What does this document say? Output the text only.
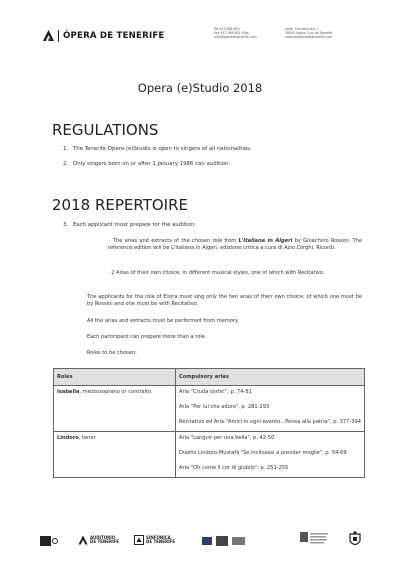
ÓPERA DE TENERIFE
Tel 922 568 600
Fax 922 568 602 (Fax)
info@operadetenerife.com
Avda. Constitución, 1
38003 Santa Cruz de Tenerife
www.auditoriodetenerife.com
Opera (e)Studio 2018
REGULATIONS
1. The Tenerife Opera (e)Studio is open to singers of all nationalities.
2. Only singers born on or after 1 January 1986 can audition.
2018 REPERTOIRE
3. Each applicant must prepare for the audition:
· The arias and extracts of the chosen role from L'Italiana in Algeri by Gioachino Rossini. The reference edition will be L'italiana in Algeri, edizione critica a cura di Azio Corghi, Ricordi.
· 2 Arias of their own choice, in different musical styles, one of which with Recitativo.
The applicants for the role of Elvira must sing only the two arias of their own choice, of which one must be by Rossini and one must be with Recitativo.
All the arias and extracts must be performed from memory.
Each participant can prepare more than a role.
Roles to be chosen:
Roles	Compulsory arias
Isabella, mezzosoprano or contralto	Aria "Cruda sorte!", p. 74-81
Aria "Per lui che adoro", p. 281-293
Recitativo ed Aria "Amici in ogni evento…Pensa alla patria", p. 377-394

Lindoro, tenor	Aria "Languir per una bella", p. 42-50
Duetto Lindoro-Mustafà "Se inclinassi a prender moglie", p. 54-69
Aria "Oh come il cor di giubilo", p. 251-255
·
AUDITORIO DE TENERIFE
SINFÓNICA DE TENERIFE
